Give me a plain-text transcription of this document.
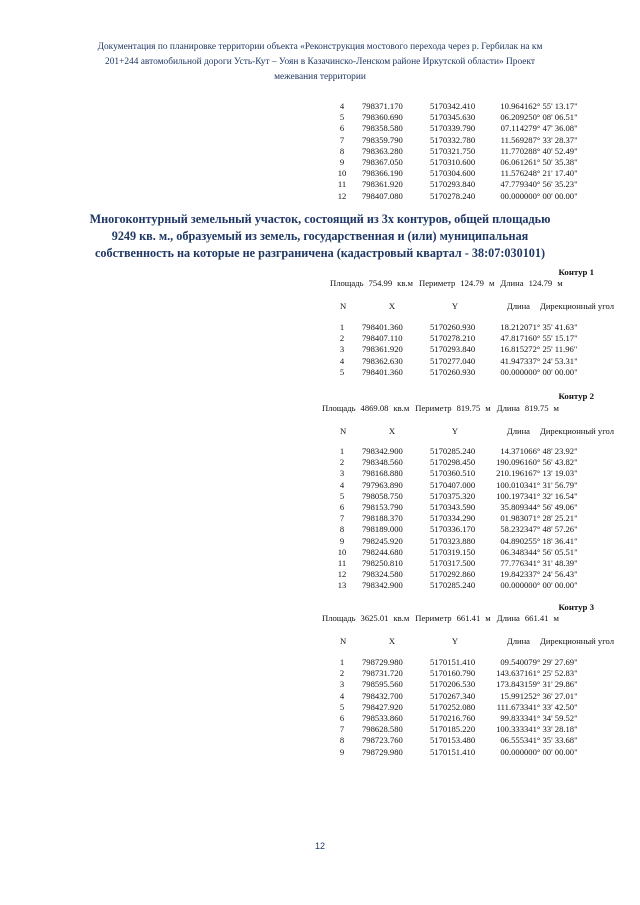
Документация по планировке территории объекта «Реконструкция мостового перехода через р. Гербилак на км
201+244 автомобильной дороги Усть-Кут – Уоян в Казачинско-Ленском районе Иркутской области» Проект
межевания территории
4	798371.170	5170342.410	10.964	162° 55' 13.17"
5	798360.690	5170345.630	06.209	250° 08' 06.51"
6	798358.580	5170339.790	07.114	279° 47' 36.08"
7	798359.790	5170332.780	11.569	287° 33' 28.37"
8	798363.280	5170321.750	11.770	288° 40' 52.49"
9	798367.050	5170310.600	06.061	261° 50' 35.38"
10	798366.190	5170304.600	11.576	248° 21' 17.40"
11	798361.920	5170293.840	47.779	340° 56' 35.23"
12	798407.080	5170278.240	00.000	000° 00' 00.00"
Многоконтурный земельный участок, состоящий из 3х контуров, общей площадью
9249 кв. м., образуемый из земель, государственная и (или) муниципальная
собственность на которые не разграничена (кадастровый квартал - 38:07:030101)
Контур 1
Площадь 754.99 кв.м Периметр 124.79 м Длина 124.79 м
N	X	Y	Длина	Дирекционный угол
1	798401.360	5170260.930	18.212	071° 35' 41.63"
2	798407.110	5170278.210	47.817	160° 55' 15.17"
3	798361.920	5170293.840	16.815	272° 25' 11.96"
4	798362.630	5170277.040	41.947	337° 24' 53.31"
5	798401.360	5170260.930	00.000	000° 00' 00.00"
Контур 2
Площадь 4869.08 кв.м Периметр 819.75 м Длина 819.75 м
N	X	Y	Длина	Дирекционный угол
1	798342.900	5170285.240	14.371	066° 48' 23.92"
2	798348.560	5170298.450	190.096	160° 56' 43.82"
3	798168.880	5170360.510	210.196	167° 13' 19.03"
4	797963.890	5170407.000	100.010	341° 31' 56.79"
5	798058.750	5170375.320	100.197	341° 32' 16.54"
6	798153.790	5170343.590	35.809	344° 56' 49.06"
7	798188.370	5170334.290	01.983	071° 28' 25.21"
8	798189.000	5170336.170	58.232	347° 48' 57.26"
9	798245.920	5170323.880	04.890	255° 18' 36.41"
10	798244.680	5170319.150	06.348	344° 56' 05.51"
11	798250.810	5170317.500	77.776	341° 31' 48.39"
12	798324.580	5170292.860	19.842	337° 24' 56.43"
13	798342.900	5170285.240	00.000	000° 00' 00.00"
Контур 3
Площадь 3625.01 кв.м Периметр 661.41 м Длина 661.41 м
N	X	Y	Длина	Дирекционный угол
1	798729.980	5170151.410	09.540	079° 29' 27.69"
2	798731.720	5170160.790	143.637	161° 25' 52.83"
3	798595.560	5170206.530	173.843	159° 31' 29.86"
4	798432.700	5170267.340	15.991	252° 36' 27.01"
5	798427.920	5170252.080	111.673	341° 33' 42.50"
6	798533.860	5170216.760	99.833	341° 34' 59.52"
7	798628.580	5170185.220	100.333	341° 33' 28.18"
8	798723.760	5170153.480	06.555	341° 35' 33.68"
9	798729.980	5170151.410	00.000	000° 00' 00.00"
12
